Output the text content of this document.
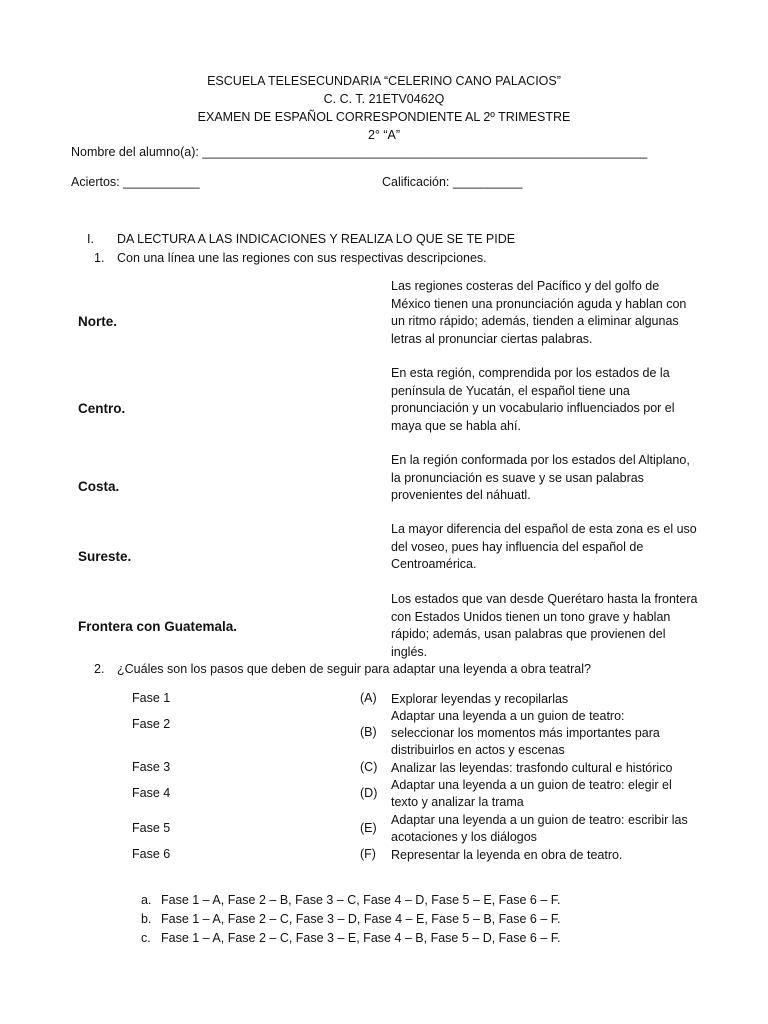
ESCUELA TELESECUNDARIA “CELERINO CANO PALACIOS”
C. C. T. 21ETV0462Q
EXAMEN DE ESPAÑOL CORRESPONDIENTE AL 2º TRIMESTRE
2° “A”
Nombre del alumno(a): ________________________________________________________________
Aciertos: ___________	Calificación: __________
I. DA LECTURA A LAS INDICACIONES Y REALIZA LO QUE SE TE PIDE
1. Con una línea une las regiones con sus respectivas descripciones.
Norte.
Centro.
Costa.
Sureste.
Frontera con Guatemala.
Las regiones costeras del Pacífico y del golfo de México tienen una pronunciación aguda y hablan con un ritmo rápido; además, tienden a eliminar algunas letras al pronunciar ciertas palabras.
En esta región, comprendida por los estados de la península de Yucatán, el español tiene una pronunciación y un vocabulario influenciados por el maya que se habla ahí.
En la región conformada por los estados del Altiplano, la pronunciación es suave y se usan palabras provenientes del náhuatl.
La mayor diferencia del español de esta zona es el uso del voseo, pues hay influencia del español de Centroamérica.
Los estados que van desde Querétaro hasta la frontera con Estados Unidos tienen un tono grave y hablan rápido; además, usan palabras que provienen del inglés.
2. ¿Cuáles son los pasos que deben de seguir para adaptar una leyenda a obra teatral?
Fase 1
Fase 2
Fase 3
Fase 4
Fase 5
Fase 6
(A)
(B)
(C)
(D)
(E)
(F)
Explorar leyendas y recopilarlas
Adaptar una leyenda a un guion de teatro: seleccionar los momentos más importantes para distribuirlos en actos y escenas
Analizar las leyendas: trasfondo cultural e histórico
Adaptar una leyenda a un guion de teatro: elegir el texto y analizar la trama
Adaptar una leyenda a un guion de teatro: escribir las acotaciones y los diálogos
Representar la leyenda en obra de teatro.
a. Fase 1 – A, Fase 2 – B, Fase 3 – C, Fase 4 – D, Fase 5 – E, Fase 6 – F.
b. Fase 1 – A, Fase 2 – C, Fase 3 – D, Fase 4 – E, Fase 5 – B, Fase 6 – F.
c. Fase 1 – A, Fase 2 – C, Fase 3 – E, Fase 4 – B, Fase 5 – D, Fase 6 – F.
